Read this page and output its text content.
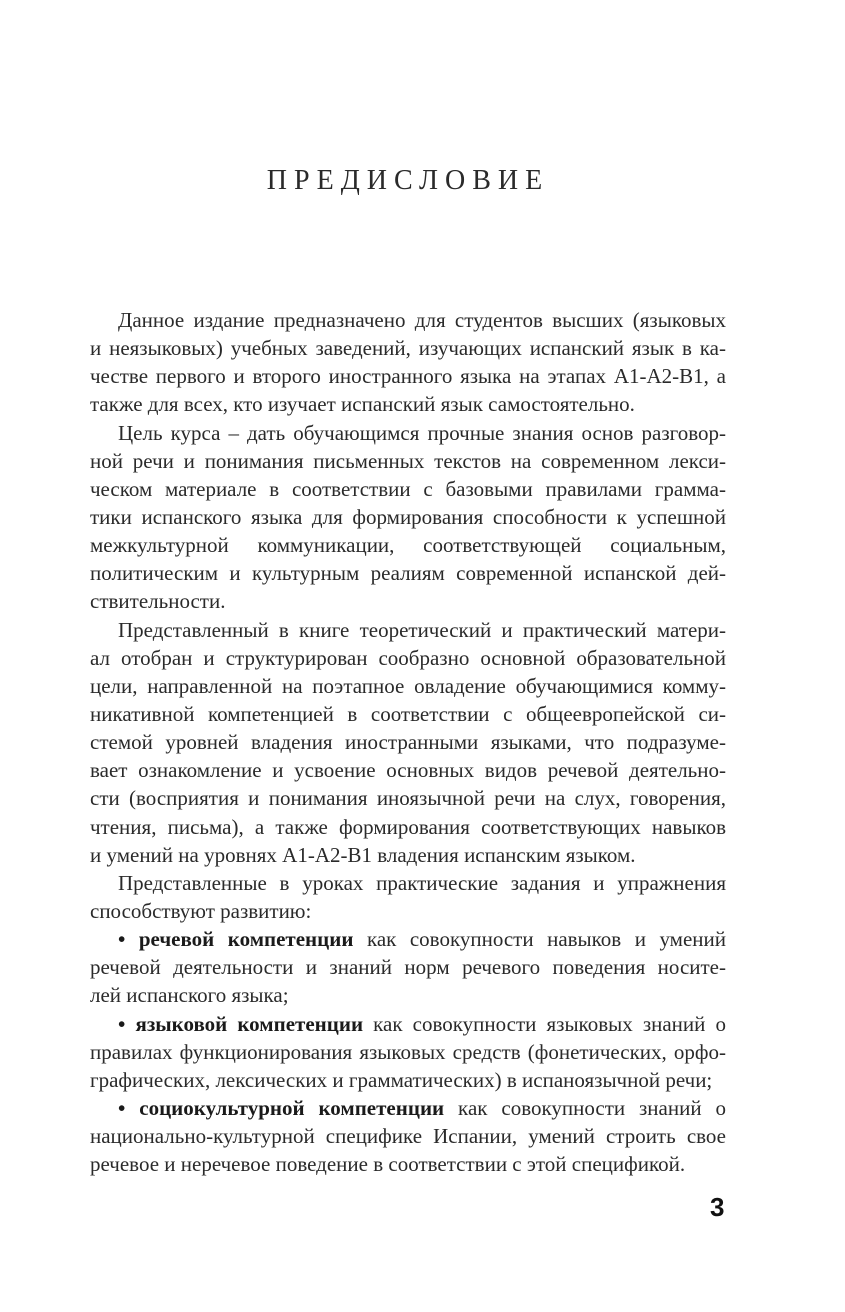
ПРЕДИСЛОВИЕ
Данное издание предназначено для студентов высших (языковых
и неязыковых) учебных заведений, изучающих испанский язык в ка-
честве первого и второго иностранного языка на этапах А1-А2-В1, а
также для всех, кто изучает испанский язык самостоятельно.
Цель курса – дать обучающимся прочные знания основ разговор-
ной речи и понимания письменных текстов на современном лекси-
ческом материале в соответствии с базовыми правилами грамма-
тики испанского языка для формирования способности к успешной
межкультурной коммуникации, соответствующей социальным,
политическим и культурным реалиям современной испанской дей-
ствительности.
Представленный в книге теоретический и практический матери-
ал отобран и структурирован сообразно основной образовательной
цели, направленной на поэтапное овладение обучающимися комму-
никативной компетенцией в соответствии с общеевропейской си-
стемой уровней владения иностранными языками, что подразуме-
вает ознакомление и усвоение основных видов речевой деятельно-
сти (восприятия и понимания иноязычной речи на слух, говорения,
чтения, письма), а также формирования соответствующих навыков
и умений на уровнях А1-А2-В1 владения испанским языком.
Представленные в уроках практические задания и упражнения
способствуют развитию:
• речевой компетенции как совокупности навыков и умений
речевой деятельности и знаний норм речевого поведения носите-
лей испанского языка;
• языковой компетенции как совокупности языковых знаний о
правилах функционирования языковых средств (фонетических, орфо-
графических, лексических и грамматических) в испаноязычной речи;
• социокультурной компетенции как совокупности знаний о
национально-культурной специфике Испании, умений строить свое
речевое и неречевое поведение в соответствии с этой спецификой.
3
